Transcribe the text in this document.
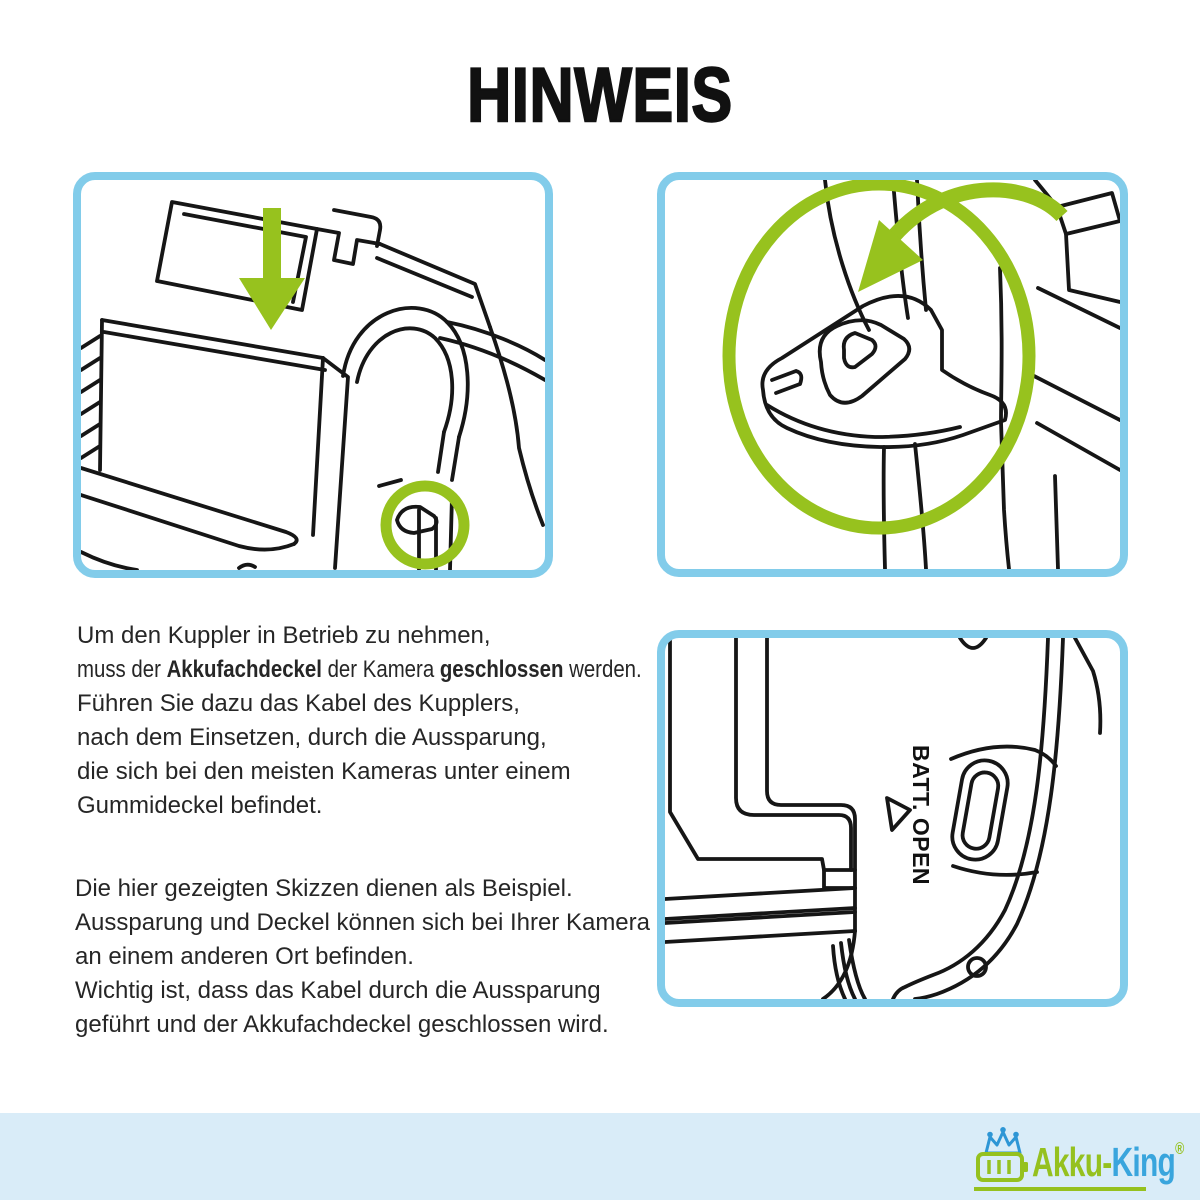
HINWEIS
BATT. OPEN
Um den Kuppler in Betrieb zu nehmen,
muss der Akkufachdeckel der Kamera geschlossen werden.
Führen Sie dazu das Kabel des Kupplers,
nach dem Einsetzen, durch die Aussparung,
die sich bei den meisten Kameras unter einem
Gummideckel befindet.
Die hier gezeigten Skizzen dienen als Beispiel.
Aussparung und Deckel können sich bei Ihrer Kamera
an einem anderen Ort befinden.
Wichtig ist, dass das Kabel durch die Aussparung
geführt und der Akkufachdeckel geschlossen wird.
Akku-King®
